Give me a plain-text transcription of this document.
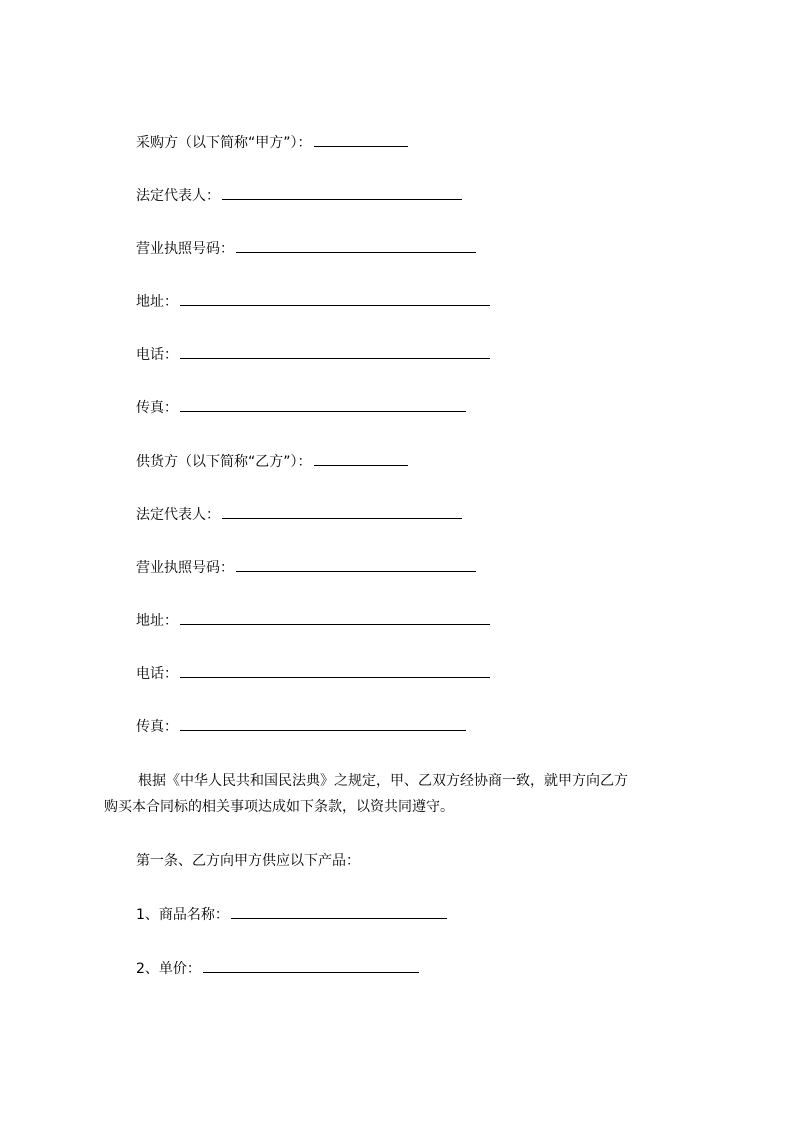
采购方（以下简称“甲方”）：
法定代表人：
营业执照号码：
地址：
电话：
传真：
供货方（以下简称“乙方”）：
法定代表人：
营业执照号码：
地址：
电话：
传真：
根据《中华人民共和国民法典》之规定，甲、乙双方经协商一致，就甲方向乙方
购买本合同标的相关事项达成如下条款，以资共同遵守。
第一条、乙方向甲方供应以下产品：
1、商品名称：
2、单价：
